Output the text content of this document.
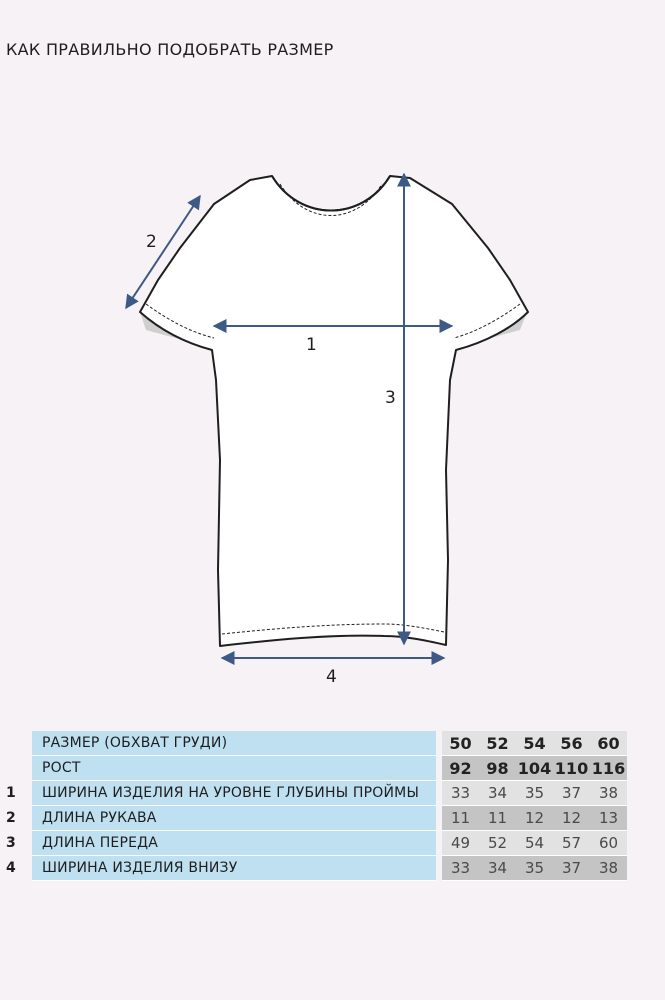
КАК ПРАВИЛЬНО ПОДОБРАТЬ РАЗМЕР
1
2
3
4
	РАЗМЕР (ОБХВАТ ГРУДИ)		50	52	54	56	60
	РОСТ		92	98	104	110	116
1	ШИРИНА ИЗДЕЛИЯ НА УРОВНЕ ГЛУБИНЫ ПРОЙМЫ		33	34	35	37	38
2	ДЛИНА РУКАВА		11	11	12	12	13
3	ДЛИНА ПЕРЕДА		49	52	54	57	60
4	ШИРИНА ИЗДЕЛИЯ ВНИЗУ		33	34	35	37	38
